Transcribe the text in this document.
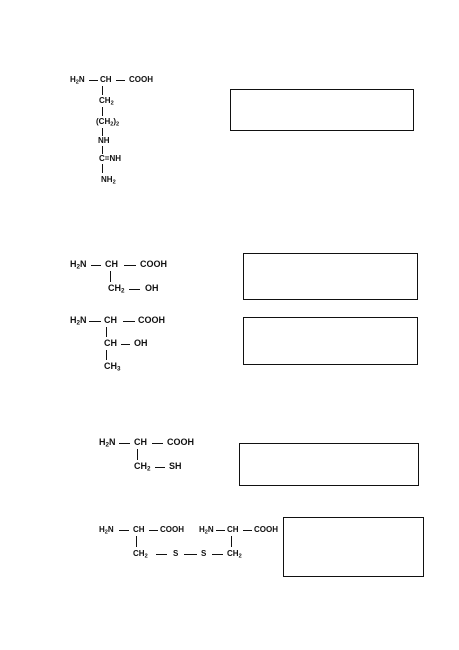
$H_2N$ CH COOH
$CH_2$
$(CH_2)_2$
NH
C=NH
$NH_2$
$H_2N$ CH COOH
$CH_2$ OH
$H_2N$ CH COOH
CH OH
$CH_3$
$H_2N$ CH COOH
$CH_2$ SH
$H_2N$ CH COOH $H_2N$ CH COOH
$CH_2$	S	S	$CH_2$
